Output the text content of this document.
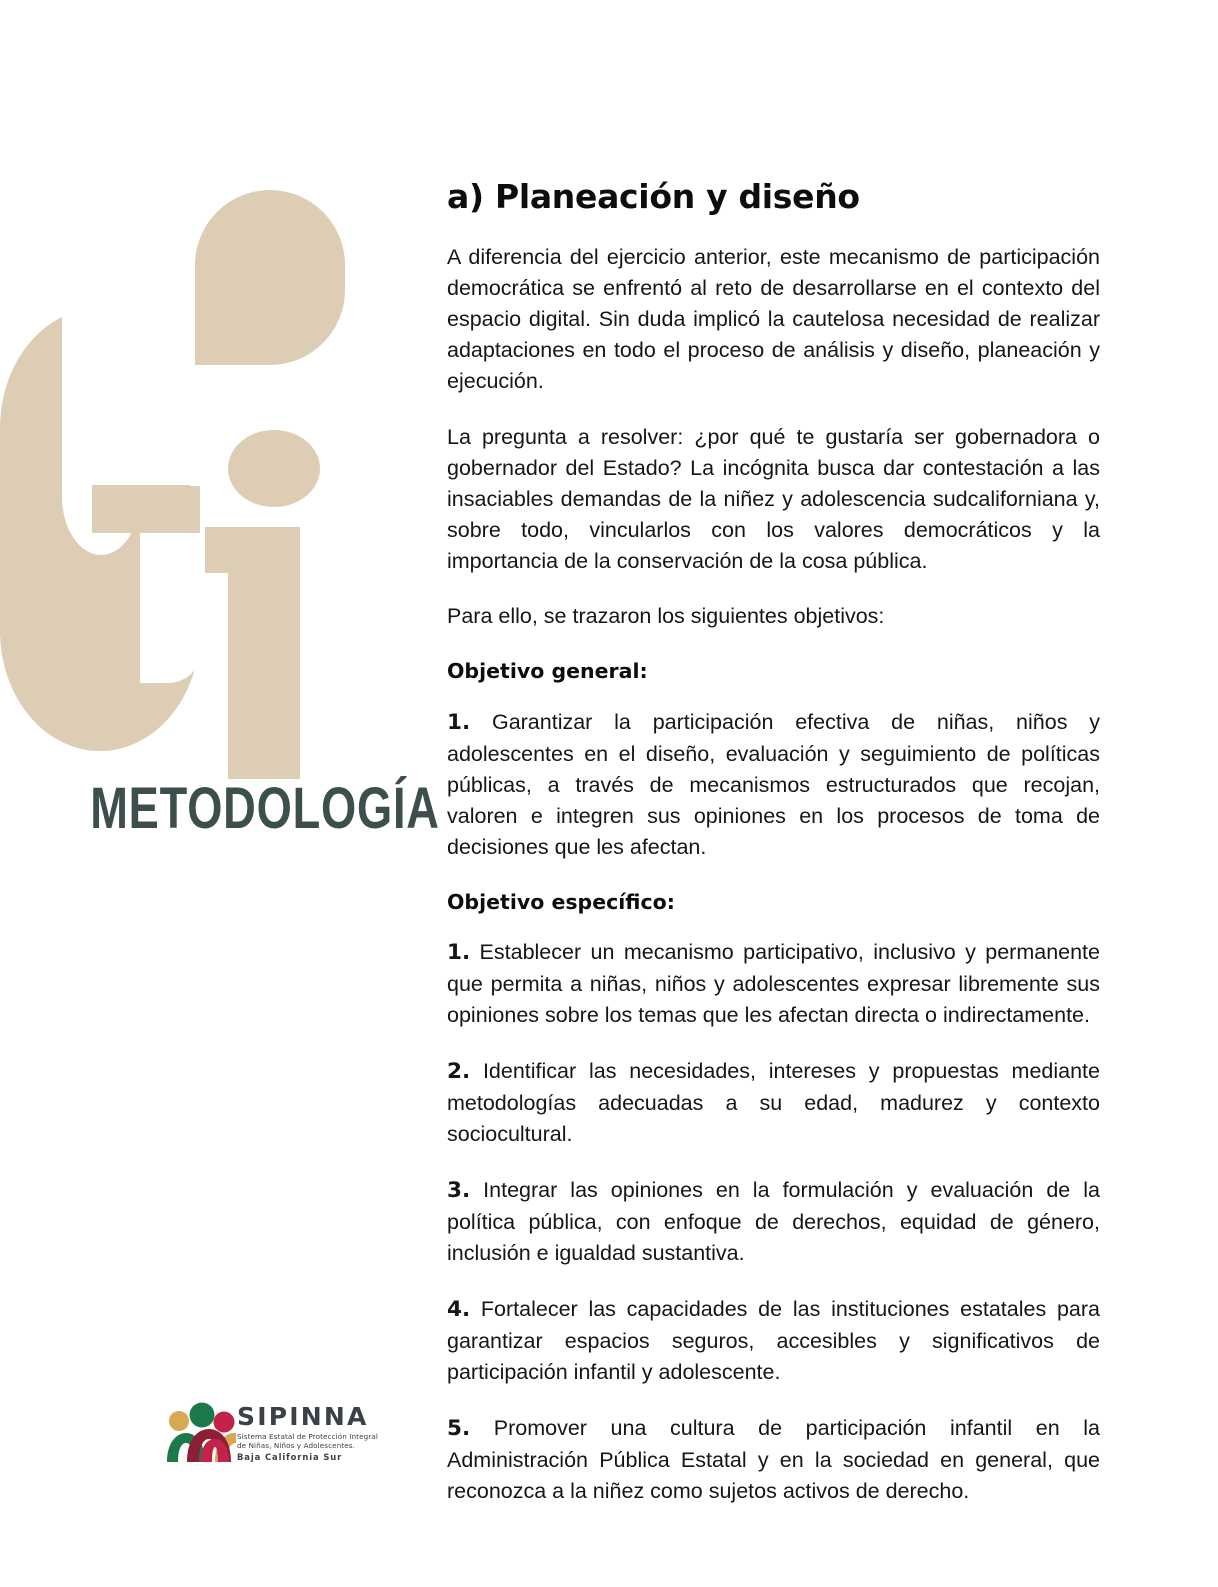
METODOLOGÍA
SIPINNA
Sistema Estatal de Protección Integral
de Niñas, Niños y Adolescentes.
Baja California Sur
a) Planeación y diseño

A diferencia del ejercicio anterior, este mecanismo de participación democrática se enfrentó al reto de desarrollarse en el contexto del espacio digital. Sin duda implicó la cautelosa necesidad de realizar adaptaciones en todo el proceso de análisis y diseño, planeación y ejecución.

La pregunta a resolver: ¿por qué te gustaría ser gobernadora o gobernador del Estado? La incógnita busca dar contestación a las insaciables demandas de la niñez y adolescencia sudcaliforniana y, sobre todo, vincularlos con los valores democráticos y la importancia de la conservación de la cosa pública.

Para ello, se trazaron los siguientes objetivos:

Objetivo general:

1. Garantizar la participación efectiva de niñas, niños y adolescentes en el diseño, evaluación y seguimiento de políticas públicas, a través de mecanismos estructurados que recojan, valoren e integren sus opiniones en los procesos de toma de decisiones que les afectan.

Objetivo específico:

1. Establecer un mecanismo participativo, inclusivo y permanente que permita a niñas, niños y adolescentes expresar libremente sus opiniones sobre los temas que les afectan directa o indirectamente.

2. Identificar las necesidades, intereses y propuestas mediante metodologías adecuadas a su edad, madurez y contexto sociocultural.

3. Integrar las opiniones en la formulación y evaluación de la política pública, con enfoque de derechos, equidad de género, inclusión e igualdad sustantiva.

4. Fortalecer las capacidades de las instituciones estatales para garantizar espacios seguros, accesibles y significativos de participación infantil y adolescente.

5. Promover una cultura de participación infantil en la Administración Pública Estatal y en la sociedad en general, que reconozca a la niñez como sujetos activos de derecho.
